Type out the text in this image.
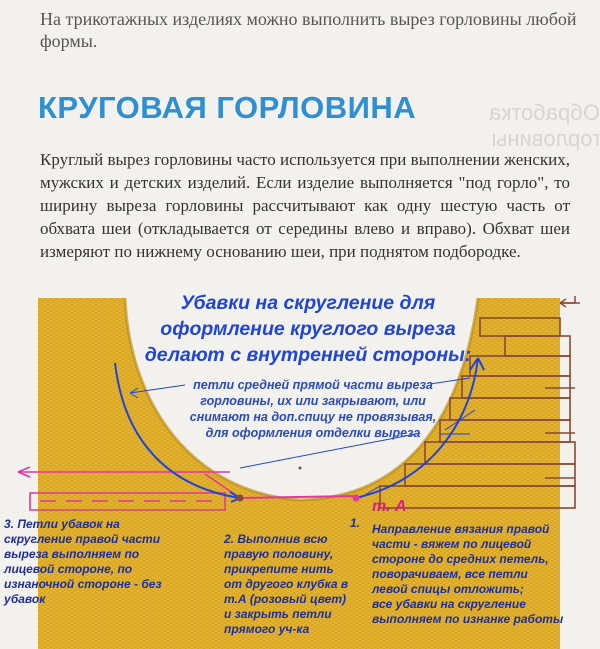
На трикотажных изделиях можно выполнить вырез горловины любой формы.

Обработка горловины
КРУГОВАЯ ГОРЛОВИНА

Круглый вырез горловины часто используется при выполнении женских, мужских и детских изделий. Если изделие выполняется "под горло", то ширину выреза горловины рассчитывают как одну шестую часть от обхвата шеи (откладывается от середины влево и вправо). Обхват шеи измеряют по нижнему основанию шеи, при поднятом подбородке.

Убавки на скругление для
оформление круглого выреза
делают с внутренней стороны:
петли средней прямой части выреза
горловины, их или закрывают, или
снимают на доп.спицу не провязывая,
для оформления отделки выреза
т. А
1.
3. Петли убавок на
скругление правой части
выреза выполняем по
лицевой стороне, по
изнаночной стороне - без
убавок
2. Выполнив всю
правую половину,
прикрепите нить
от другого клубка в
т.А (розовый цвет)
и закрыть петли
прямого уч-ка
Направление вязания правой
части - вяжем по лицевой
стороне до средних петель,
поворачиваем, все петли
левой спицы отложить;
все убавки на скругление
выполняем по изнанке работы
